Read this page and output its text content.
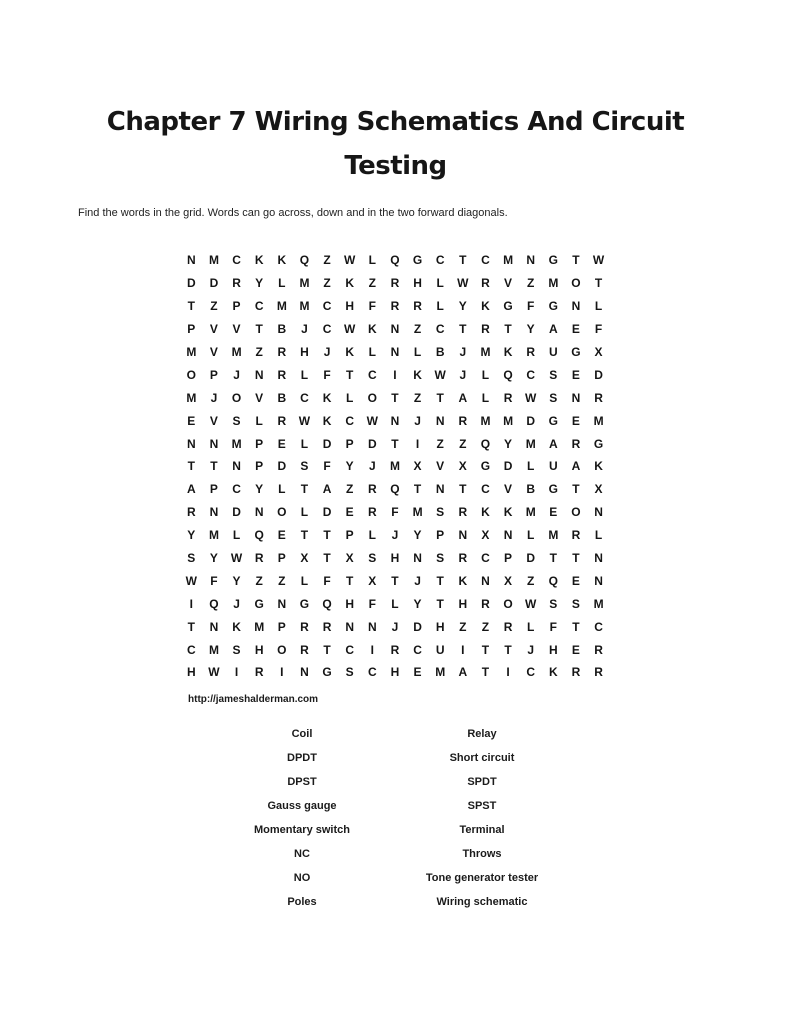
Chapter 7 Wiring Schematics And Circuit
Testing
Find the words in the grid. Words can go across, down and in the two forward diagonals.
N	M	C	K	K	Q	Z	W	L	Q	G	C	T	C	M	N	G	T	W
D	D	R	Y	L	M	Z	K	Z	R	H	L	W	R	V	Z	M	O	T
T	Z	P	C	M	M	C	H	F	R	R	L	Y	K	G	F	G	N	L
P	V	V	T	B	J	C	W	K	N	Z	C	T	R	T	Y	A	E	F
M	V	M	Z	R	H	J	K	L	N	L	B	J	M	K	R	U	G	X
O	P	J	N	R	L	F	T	C	I	K	W	J	L	Q	C	S	E	D
M	J	O	V	B	C	K	L	O	T	Z	T	A	L	R	W	S	N	R
E	V	S	L	R	W	K	C	W	N	J	N	R	M	M	D	G	E	M
N	N	M	P	E	L	D	P	D	T	I	Z	Z	Q	Y	M	A	R	G
T	T	N	P	D	S	F	Y	J	M	X	V	X	G	D	L	U	A	K
A	P	C	Y	L	T	A	Z	R	Q	T	N	T	C	V	B	G	T	X
R	N	D	N	O	L	D	E	R	F	M	S	R	K	K	M	E	O	N
Y	M	L	Q	E	T	T	P	L	J	Y	P	N	X	N	L	M	R	L
S	Y	W	R	P	X	T	X	S	H	N	S	R	C	P	D	T	T	N
W	F	Y	Z	Z	L	F	T	X	T	J	T	K	N	X	Z	Q	E	N
I	Q	J	G	N	G	Q	H	F	L	Y	T	H	R	O	W	S	S	M
T	N	K	M	P	R	R	N	N	J	D	H	Z	Z	R	L	F	T	C
C	M	S	H	O	R	T	C	I	R	C	U	I	T	T	J	H	E	R
H	W	I	R	I	N	G	S	C	H	E	M	A	T	I	C	K	R	R
http://jameshalderman.com
Coil
DPDT
DPST
Gauss gauge
Momentary switch
NC
NO
Poles
Relay
Short circuit
SPDT
SPST
Terminal
Throws
Tone generator tester
Wiring schematic
